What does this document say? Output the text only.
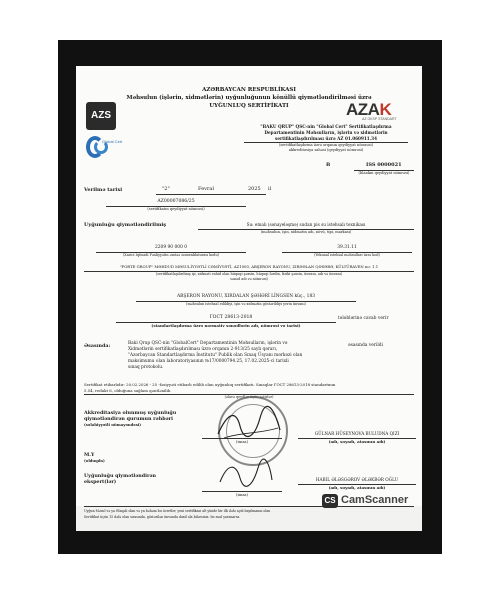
AZS
Global Cert
AZAK
AZ GKSP STANDART
AZƏRBAYCAN RESPUBLİKASI
Məhsulun (işlərin, xidmətlərin) uyğunluğunun könüllü qiymətləndirilməsi üzrə
UYĞUNLUQ SERTİFİKATI
"BAKU QRUP" QSC-nin "Global Cert" Sertifikatlaşdırma
Departamentinin Məhsulların, işlərin və xidmətlərin
sertifikatlaşdırılması üzrə AZ 01.060911.34
(sertifikatlaşdırma üzrə orqanın qeydiyyat nömrəsi)
akkreditasiya sahəsi (qeydiyyat nömrəsi)
B	ISS 0000021
(blankın qeydiyyat nömrəsi)
Verilmə tarixi	"2"	Fevral	2025 il
AZ00007086/25
(sertifikatın qeydiyyat nömrəsi)
Uyğunluğu qiymətləndirilmiş	Su: emalı (sənayeləşmə) sudan pis su istehsalı texnikası
(məhsulun, işin, xidmətin adı, növü, tipi, markası)
2209 90 000 0
(Xarici İqtisadi Fəaliyyətin əmtəə nomenklaturası kodu)
39.31.11
(Yekunal istehsal məhsulları üzrə kod)
"FORTE GROUP" MƏHDUD MƏSULİYYƏTLİ CƏMİYYƏTİ, AZ1000, ABŞERON RAYONU, ZIRƏƏLAN QƏSƏBƏ, KÜLTÜRAVEN no: 1.1
(sertifikatlaşdırılmış işi, xidməti vahid olan hüquqi şəxsin, hüquqi fərdin, fiziki şəxsin, ünvanı, adı və ünvanı)
sənəd adı və nömrəsi)
ABŞERON RAYONU, XIRDALAN ŞƏHƏRİ LİNGSEN küç., 183
(məhsulun istehsal edildiyi, işin və xidmətin göstərildiyi yerin ünvanı)
ГОСТ 28613-2018	tələblərinə cavab verir
(standartlaşdırma üzrə normativ sənədlərin adı, nömrəsi və tarixi)
Əsasında:	Baki Qrup QSC-nin "GlobalCert" Departamentinin Məhsulların, işlərin və
Xidmətlərin sertifikatlaşdırılması üzrə orqanın 2-913/25 saylı qərarı,
"Azərbaycan Standartlaşdırma İnstitutu" Publik olan Sınaq Üsyanı mərkəzi olan
maksimumu olan laboratoriyasının №17/0000794.25, 17.02.2025-ci tarixli
sınaq protokolu.
əsasında verildi
Sertifikat etibarlıdır: 20.02.2026 - 25 -fəsiyyəti etibarlı edilib olan uyğunluq sertifikatı. Sınaqlar ГОСТ 28613-2018 standartının
5.54, redakt 6, olduğuna sağlam qəntlənilib.
(əlavə qeydlər üçün sətirlər)
Akkreditasiya olunmuş uyğunluğu
qiymətləndirən qurumun rəhbəri
(səlahiyyətli nümayəndəsi)
(imza)
GÜLNAR HÜSEYNOVA BULUDNA QIZI
(adı, soyadı, atasının adı)
M.Y
(olduqda)
Uyğunluğu qiymətləndirən
ekspert(lər)
(imza)
HABIL ƏLƏSGƏROV ƏLƏKBƏR OĞLU
(adı, soyadı, atasının adı)
Uyğun Məsul və ya Əlaqəli olan və ya bəhəm bu ücretler, yeni sertifikasi alt yünde bir ilk dəfə açıb bayılmanın olan
Sertifikat üçün 15 dəfə olan sırasında, göstərilən ünvanda daxil ola bilərsiniz. bu sual yaranarsa
CS CamScanner
